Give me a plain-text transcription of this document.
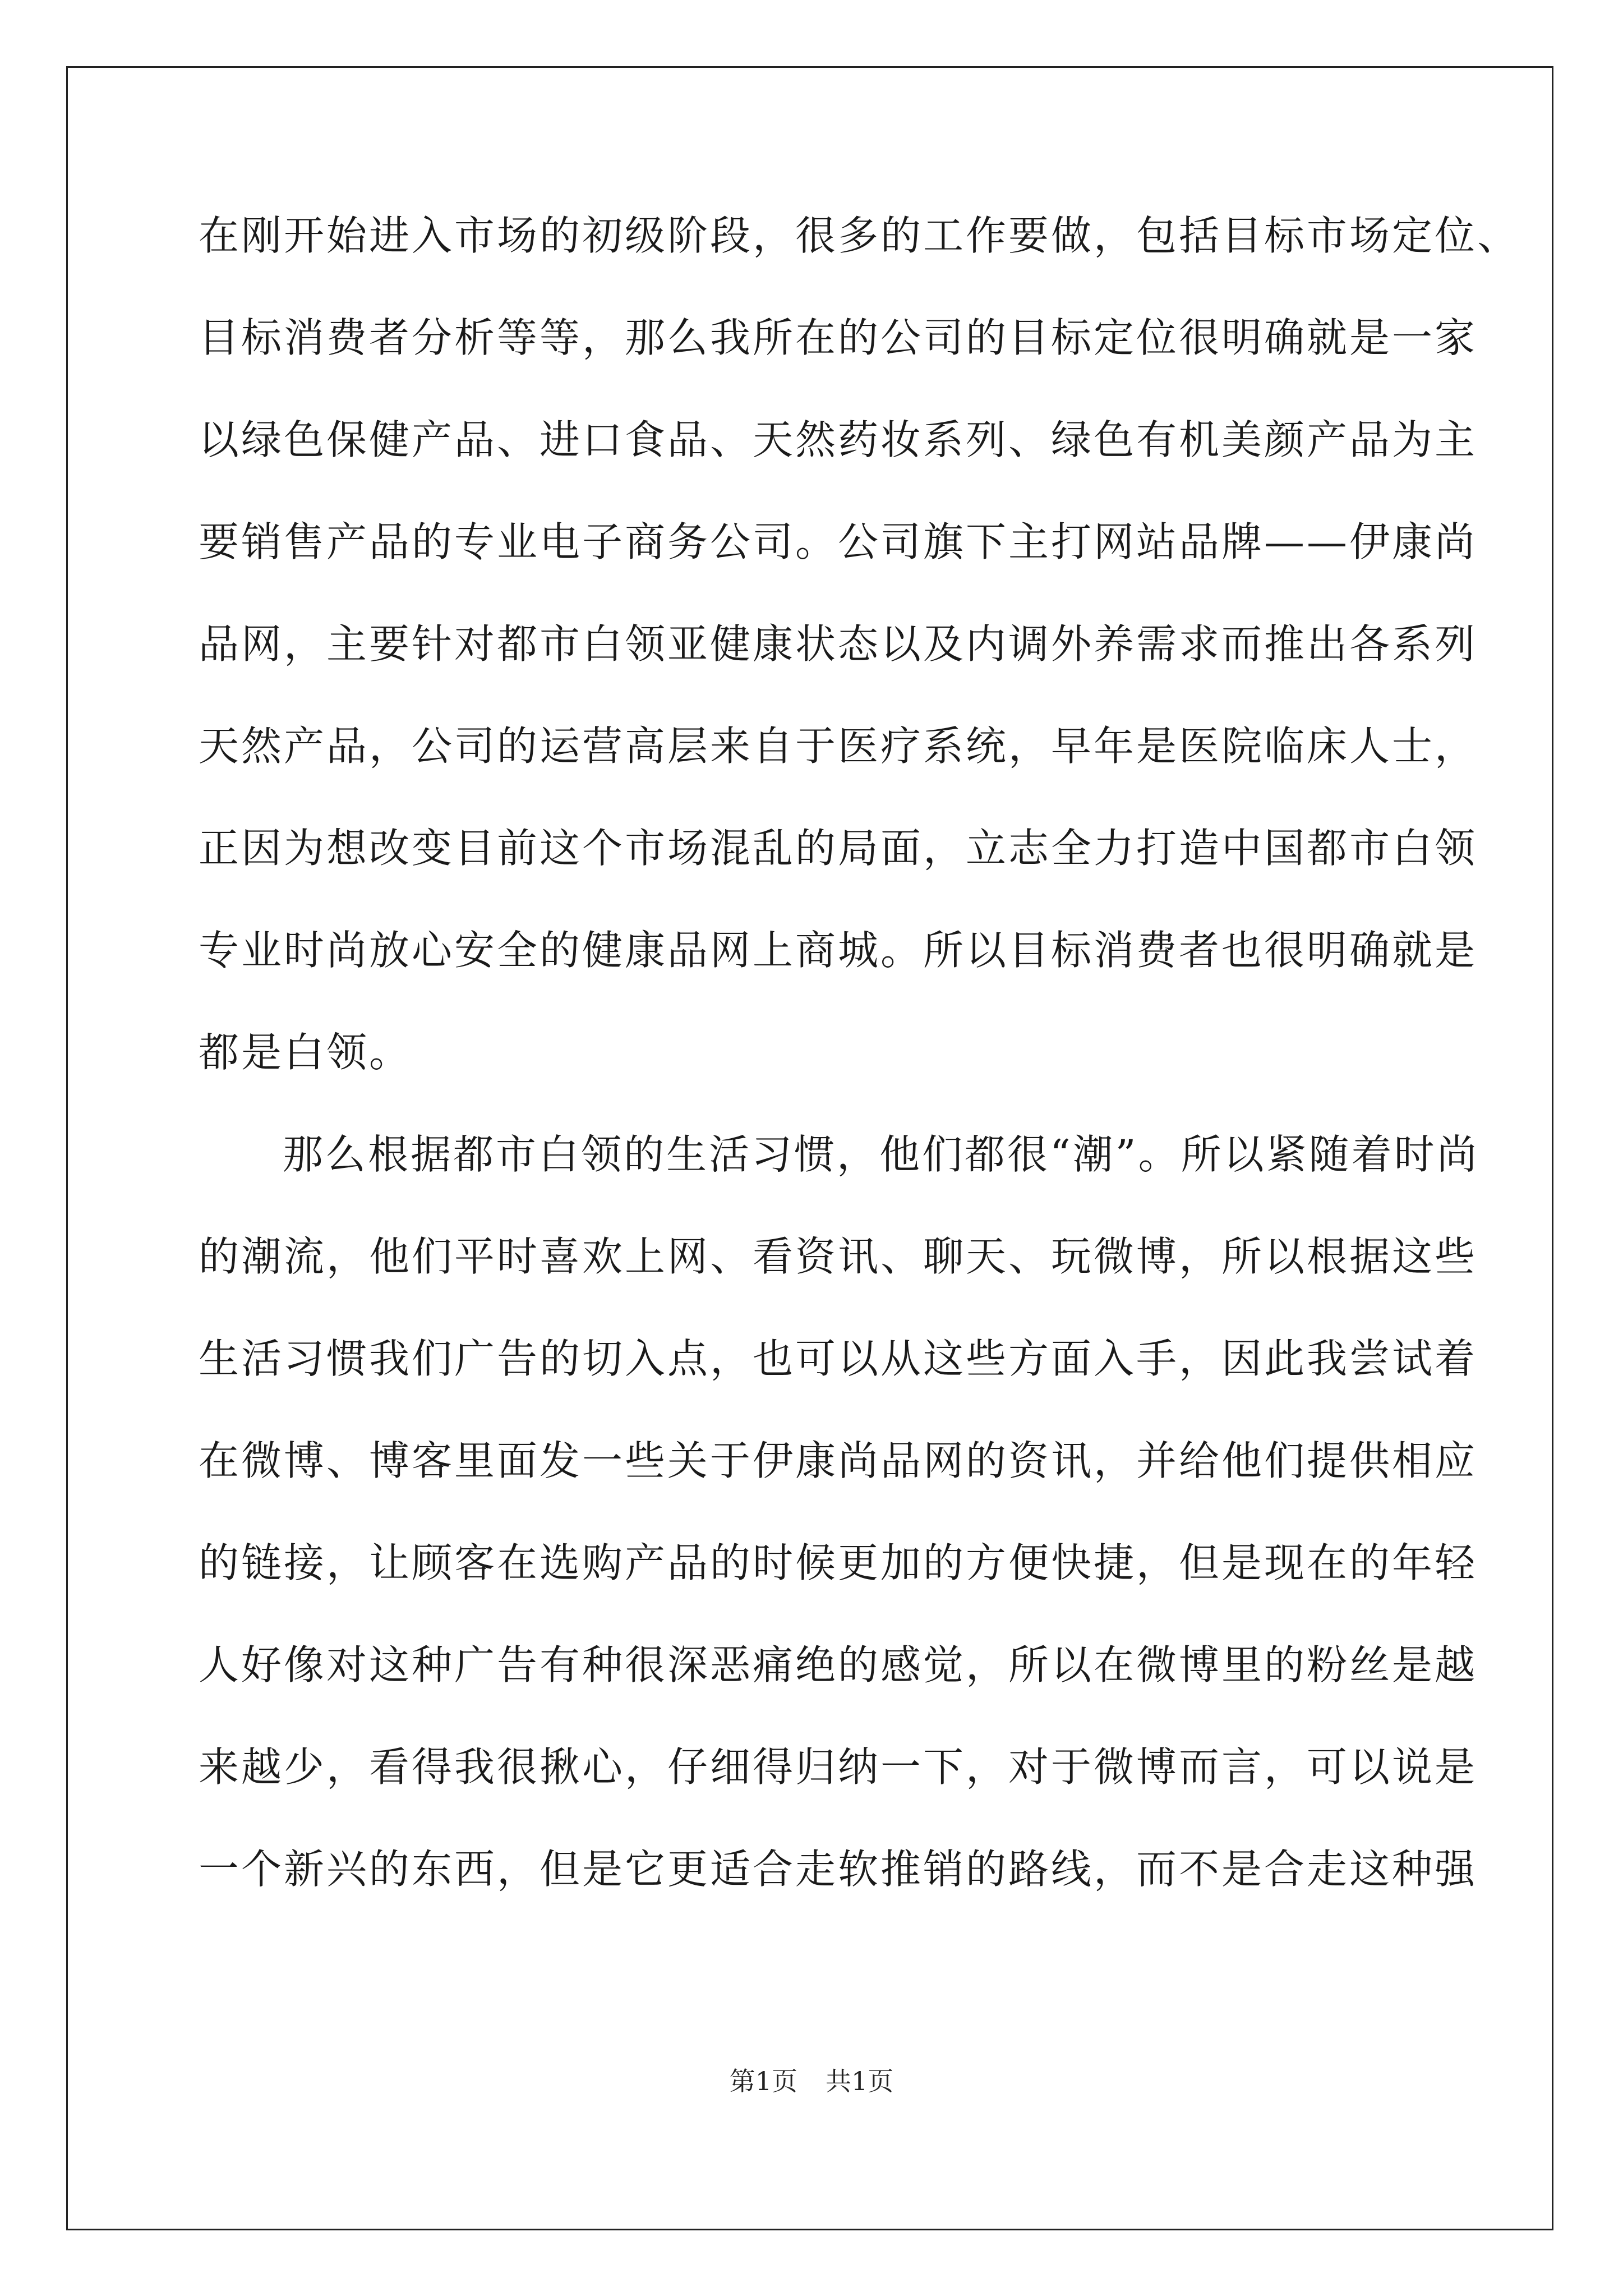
在刚开始进入市场的初级阶段，很多的工作要做，包括目标市场定位、
目标消费者分析等等，那么我所在的公司的目标定位很明确就是一家
以绿色保健产品、进口食品、天然药妆系列、绿色有机美颜产品为主
要销售产品的专业电子商务公司。公司旗下主打网站品牌——伊康尚
品网，主要针对都市白领亚健康状态以及内调外养需求而推出各系列
天然产品，公司的运营高层来自于医疗系统，早年是医院临床人士，
正因为想改变目前这个市场混乱的局面，立志全力打造中国都市白领
专业时尚放心安全的健康品网上商城。所以目标消费者也很明确就是
都是白领。
那么根据都市白领的生活习惯，他们都很“潮”。所以紧随着时尚
的潮流，他们平时喜欢上网、看资讯、聊天、玩微博，所以根据这些
生活习惯我们广告的切入点，也可以从这些方面入手，因此我尝试着
在微博、博客里面发一些关于伊康尚品网的资讯，并给他们提供相应
的链接，让顾客在选购产品的时候更加的方便快捷，但是现在的年轻
人好像对这种广告有种很深恶痛绝的感觉，所以在微博里的粉丝是越
来越少，看得我很揪心，仔细得归纳一下，对于微博而言，可以说是
一个新兴的东西，但是它更适合走软推销的路线，而不是合走这种强
第1页 共1页
